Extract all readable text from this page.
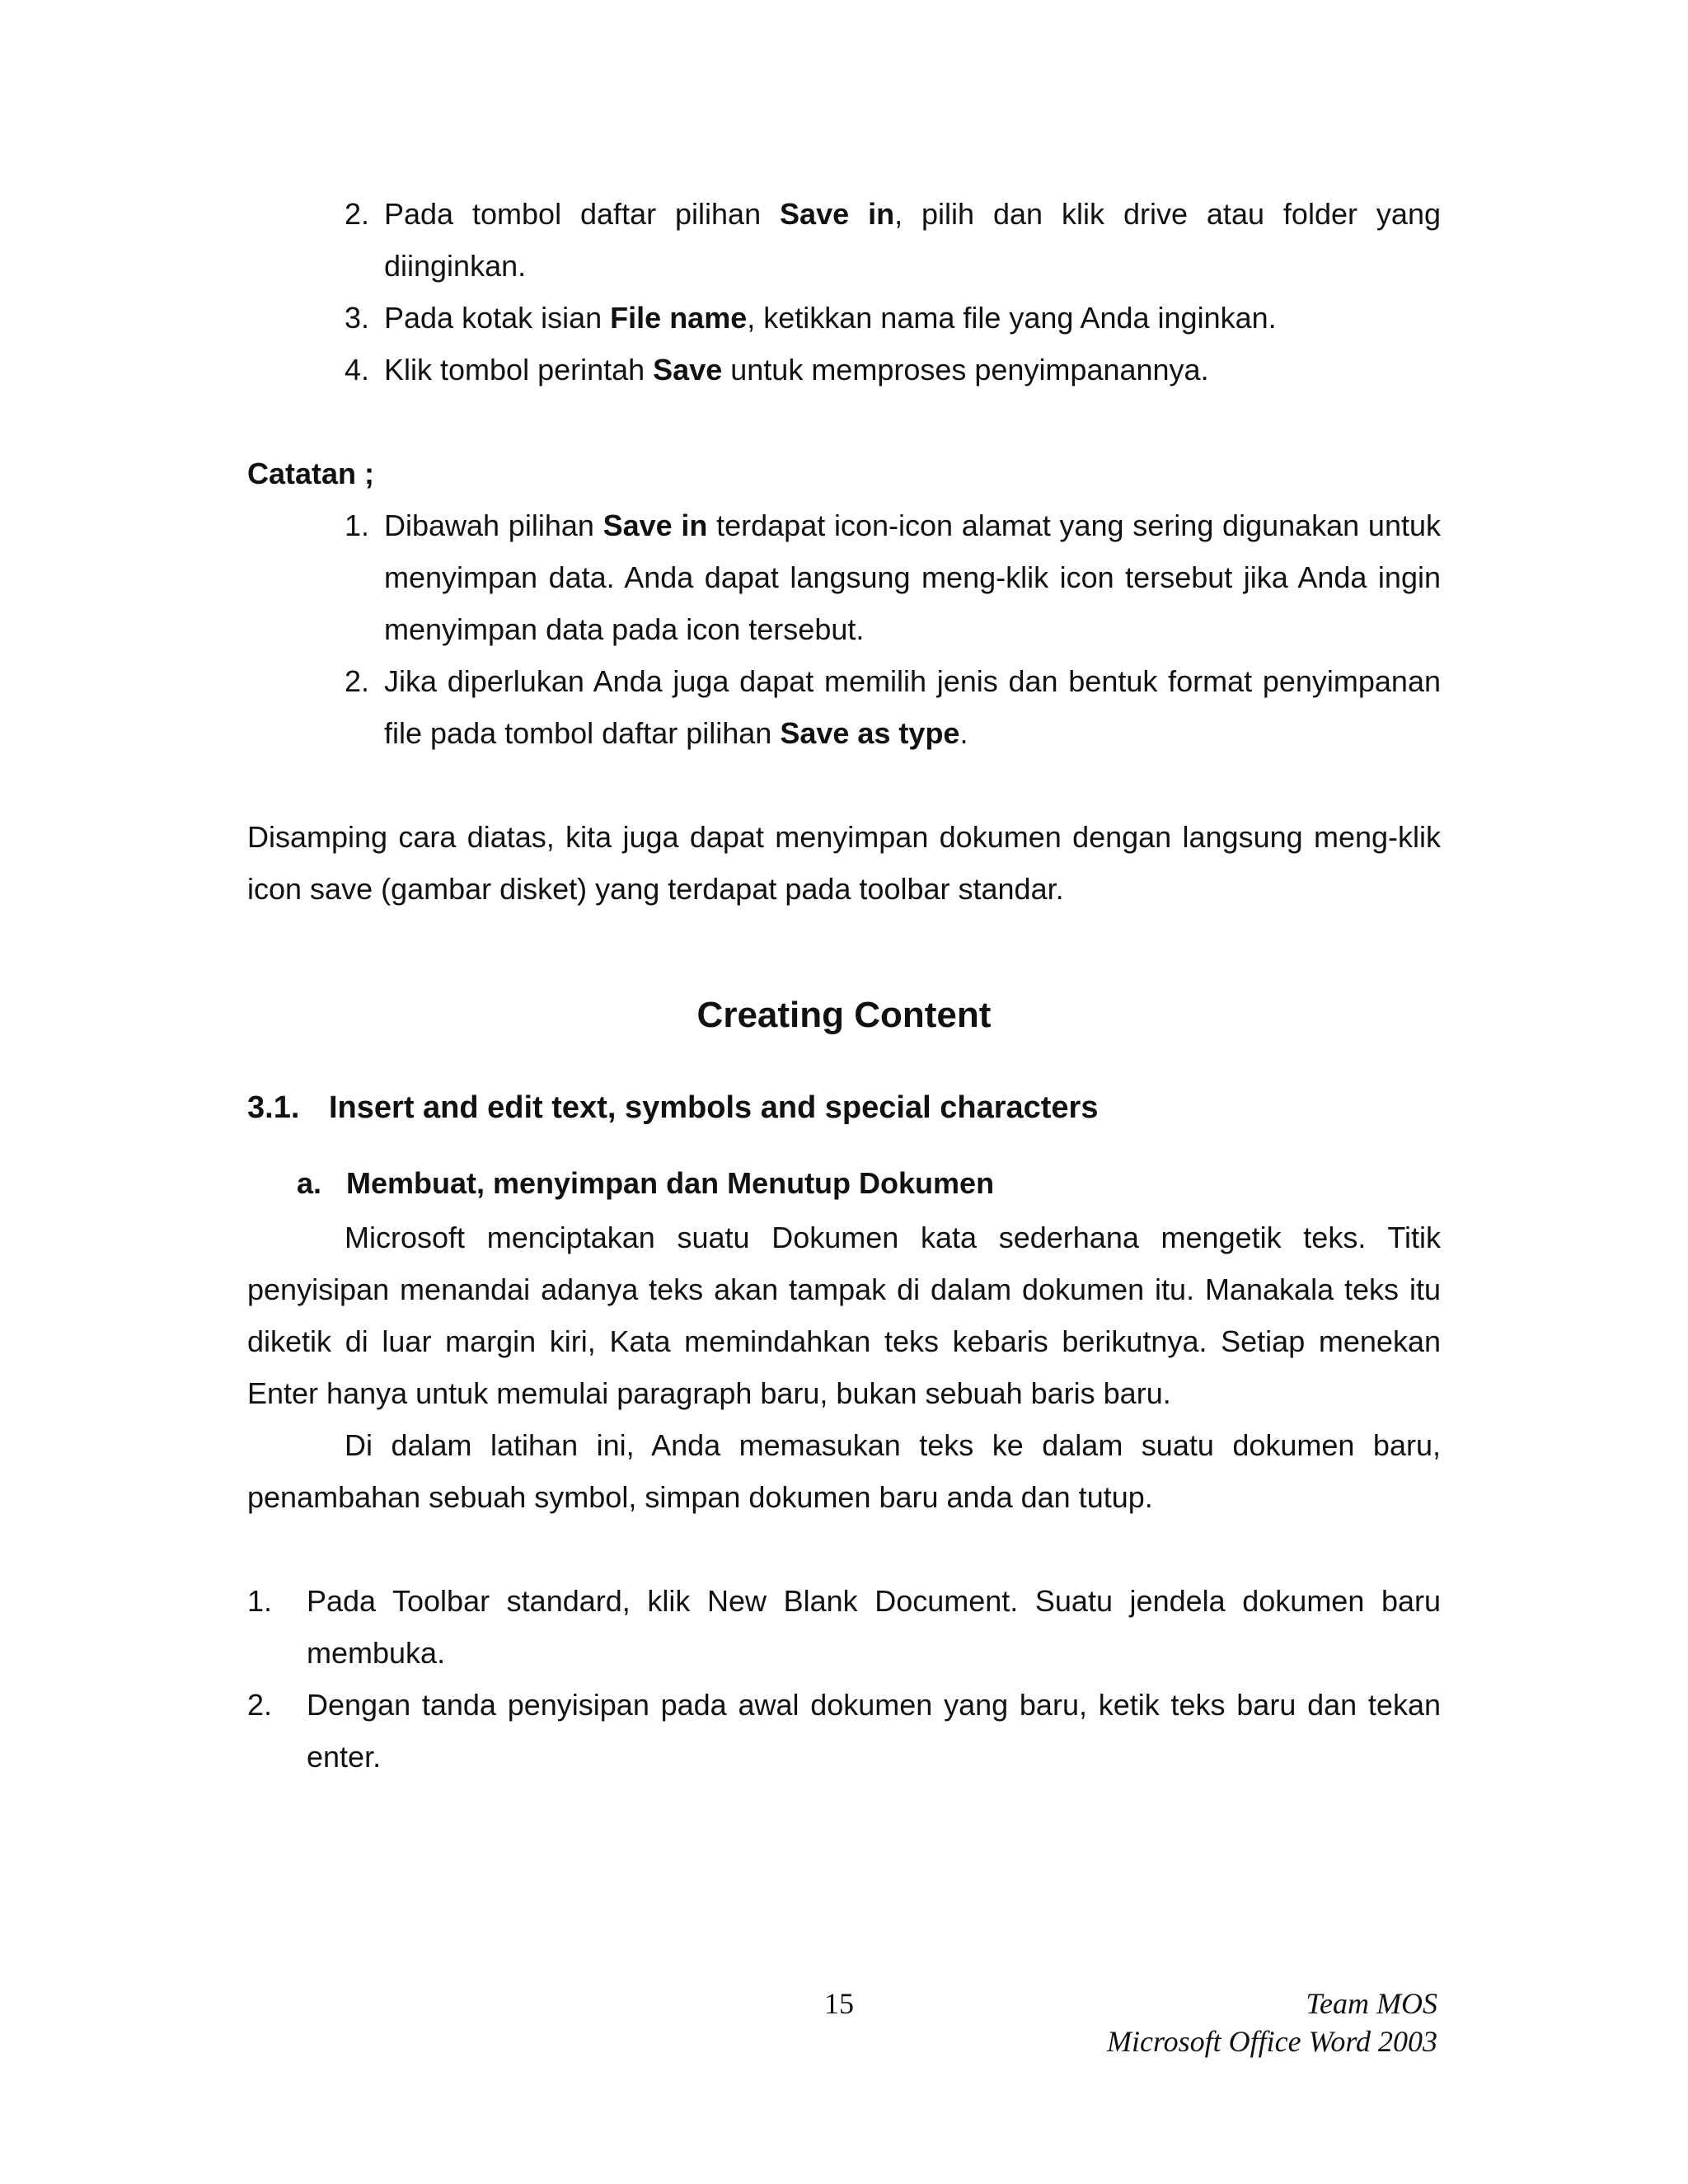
2. Pada tombol daftar pilihan Save in, pilih dan klik drive atau folder yang diinginkan.
3. Pada kotak isian File name, ketikkan nama file yang Anda inginkan.
4. Klik tombol perintah Save untuk memproses penyimpanannya.
Catatan ;
1. Dibawah pilihan Save in terdapat icon-icon alamat yang sering digunakan untuk menyimpan data. Anda dapat langsung meng-klik icon tersebut jika Anda ingin menyimpan data pada icon tersebut.
2. Jika diperlukan Anda juga dapat memilih jenis dan bentuk format penyimpanan file pada tombol daftar pilihan Save as type.
Disamping cara diatas, kita juga dapat menyimpan dokumen dengan langsung meng-klik icon save (gambar disket) yang terdapat pada toolbar standar.
Creating Content
3.1. Insert and edit text, symbols and special characters
a. Membuat, menyimpan dan Menutup Dokumen
Microsoft menciptakan suatu Dokumen kata sederhana mengetik teks. Titik penyisipan menandai adanya teks akan tampak di dalam dokumen itu. Manakala teks itu diketik di luar margin kiri, Kata memindahkan teks kebaris berikutnya. Setiap menekan Enter hanya untuk memulai paragraph baru, bukan sebuah baris baru.
Di dalam latihan ini, Anda memasukan teks ke dalam suatu dokumen baru, penambahan sebuah symbol, simpan dokumen baru anda dan tutup.
1.	Pada Toolbar standard, klik New Blank Document. Suatu jendela dokumen baru membuka.
2.	Dengan tanda penyisipan pada awal dokumen yang baru, ketik teks baru dan tekan enter.
15	Team MOS
Microsoft Office Word 2003
